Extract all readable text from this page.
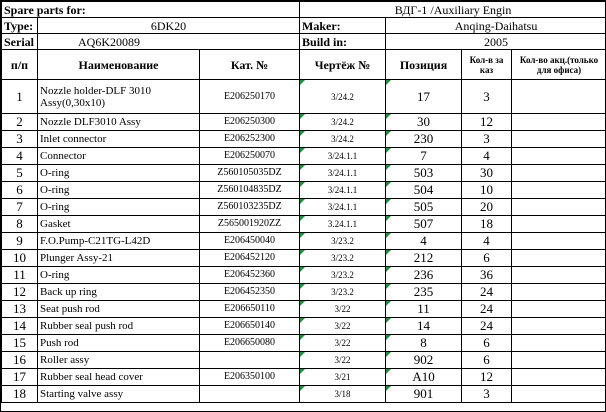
Spare parts for:			ВДГ-1 /Auxiliary Engin			
Type:	6DK20		Maker:	Anqing-Daihatsu		
Serial	AQ6K20089		Build in:	2005		
п/п	Наименование	Кат. №	Чертёж №	Позиция	Кол-в за каз	Кол-во акц.(только для офиса)
1	Nozzle holder-DLF 3010 Assy(0,30x10)	E206250170	3/24.2	17	3	
2	Nozzle DLF3010 Assy	E206250300	3/24.2	30	12	
3	Inlet connector	E206252300	3/24.2	230	3	
4	Connector	E206250070	3/24.1.1	7	4	
5	O-ring	Z560105035DZ	3/24.1.1	503	30	
6	O-ring	Z560104835DZ	3/24.1.1	504	10	
7	O-ring	Z560103235DZ	3/24.1.1	505	20	
8	Gasket	Z565001920ZZ	3.24.1.1	507	18	
9	F.O.Pump-C21TG-L42D	E206450040	3/23.2	4	4	
10	Plunger Assy-21	E206452120	3/23.2	212	6	
11	O-ring	E206452360	3/23.2	236	36	
12	Back up ring	E206452350	3/23.2	235	24	
13	Seat push rod	E206650110	3/22	11	24	
14	Rubber seal push rod	E206650140	3/22	14	24	
15	Push rod	E206650080	3/22	8	6	
16	Roller assy		3/22	902	6	
17	Rubber seal head cover	E206350100	3/21	A10	12	
18	Starting valve assy		3/18	901	3	
